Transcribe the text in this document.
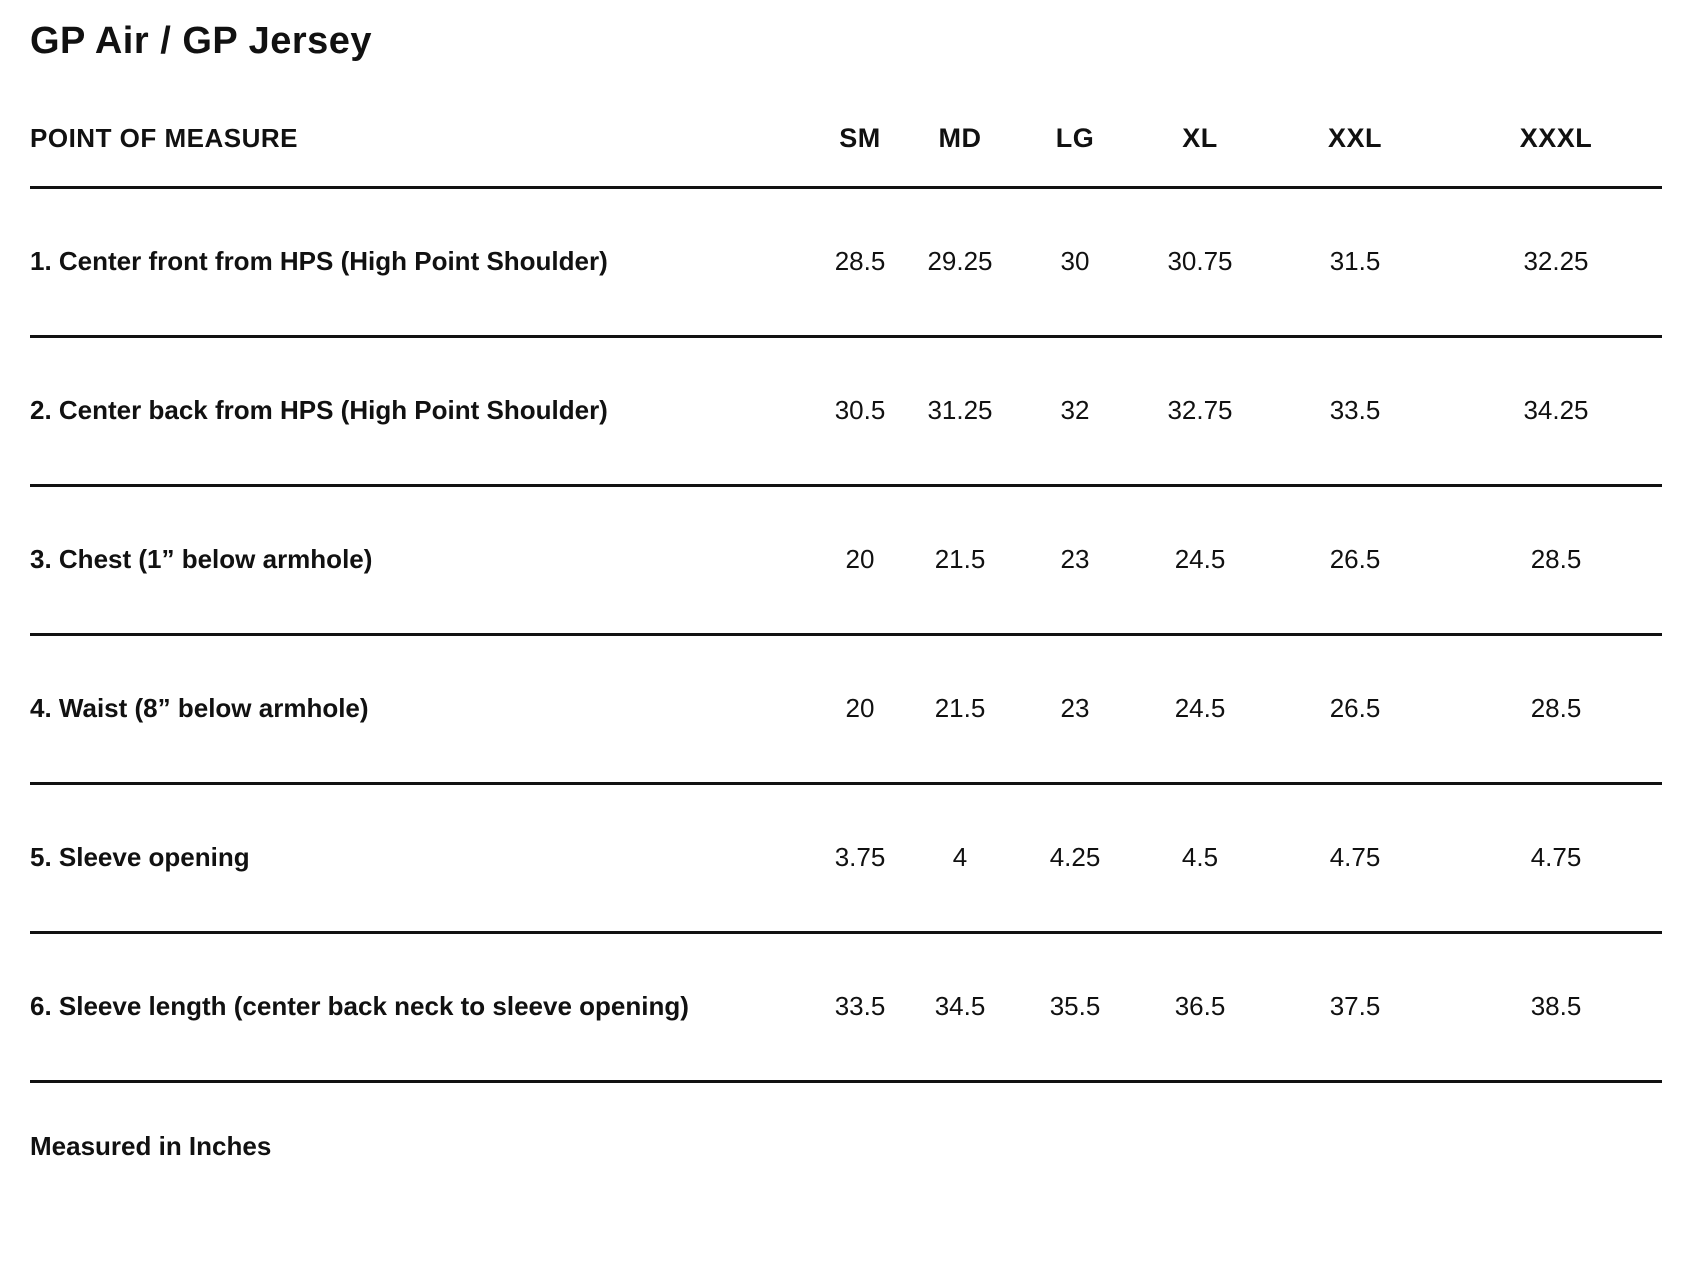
GP Air / GP Jersey
POINT OF MEASURE	SM	MD	LG	XL	XXL	XXXL
1. Center front from HPS (High Point Shoulder)	28.5	29.25	30	30.75	31.5	32.25
2. Center back from HPS (High Point Shoulder)	30.5	31.25	32	32.75	33.5	34.25
3. Chest (1” below armhole)	20	21.5	23	24.5	26.5	28.5
4. Waist (8” below armhole)	20	21.5	23	24.5	26.5	28.5
5. Sleeve opening	3.75	4	4.25	4.5	4.75	4.75
6. Sleeve length (center back neck to sleeve opening)	33.5	34.5	35.5	36.5	37.5	38.5
Measured in Inches
